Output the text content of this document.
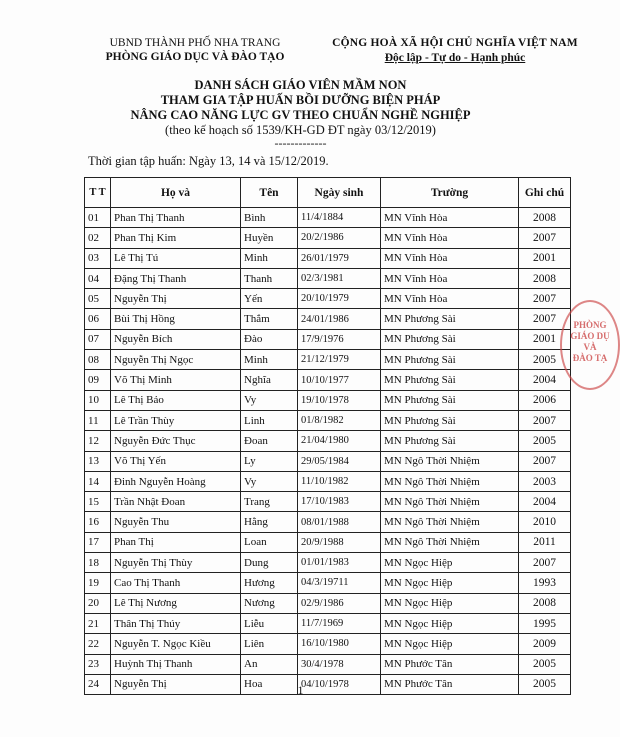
UBND THÀNH PHỐ NHA TRANG
PHÒNG GIÁO DỤC VÀ ĐÀO TẠO
CỘNG HOÀ XÃ HỘI CHỦ NGHĨA VIỆT NAM
Độc lập - Tự do - Hạnh phúc
DANH SÁCH GIÁO VIÊN MẦM NON
THAM GIA TẬP HUẤN BỒI DƯỠNG BIỆN PHÁP
NÂNG CAO NĂNG LỰC GV THEO CHUẨN NGHỀ NGHIỆP
(theo kế hoạch số 1539/KH-GD ĐT ngày 03/12/2019)
-------------
Thời gian tập huấn: Ngày 13, 14 và 15/12/2019.
T T	Họ và	Tên	Ngày sinh	Trường	Ghi chú
01	Phan Thị Thanh	Bình	11/4/1884	MN Vĩnh Hòa	2008
02	Phan Thị Kim	Huyền	20/2/1986	MN Vĩnh Hòa	2007
03	Lê Thị Tú	Minh	26/01/1979	MN Vĩnh Hòa	2001
04	Đặng Thị Thanh	Thanh	02/3/1981	MN Vĩnh Hòa	2008
05	Nguyễn Thị	Yến	20/10/1979	MN Vĩnh Hòa	2007
06	Bùi Thị Hồng	Thắm	24/01/1986	MN Phương Sài	2007
07	Nguyễn Bích	Đào	17/9/1976	MN Phương Sài	2001
08	Nguyễn Thị Ngọc	Minh	21/12/1979	MN Phương Sài	2005
09	Võ Thị Minh	Nghĩa	10/10/1977	MN Phương Sài	2004
10	Lê Thị Bảo	Vy	19/10/1978	MN Phương Sài	2006
11	Lê Trần Thùy	Linh	01/8/1982	MN Phương Sài	2007
12	Nguyễn Đức Thục	Đoan	21/04/1980	MN Phương Sài	2005
13	Võ Thị Yến	Ly	29/05/1984	MN Ngô Thời Nhiệm	2007
14	Đinh Nguyễn Hoàng	Vy	11/10/1982	MN Ngô Thời Nhiệm	2003
15	Trần Nhật Đoan	Trang	17/10/1983	MN Ngô Thời Nhiệm	2004
16	Nguyễn Thu	Hằng	08/01/1988	MN Ngô Thời Nhiệm	2010
17	Phan Thị	Loan	20/9/1988	MN Ngô Thời Nhiệm	2011
18	Nguyễn Thị Thùy	Dung	01/01/1983	MN Ngọc Hiệp	2007
19	Cao Thị Thanh	Hương	04/3/19711	MN Ngọc Hiệp	1993
20	Lê Thị Nương	Nương	02/9/1986	MN Ngọc Hiệp	2008
21	Thân Thị Thúy	Liễu	11/7/1969	MN Ngọc Hiệp	1995
22	Nguyễn T. Ngọc Kiều	Liên	16/10/1980	MN Ngọc Hiệp	2009
23	Huỳnh Thị Thanh	An	30/4/1978	MN Phước Tân	2005
24	Nguyễn Thị	Hoa	04/10/1978	MN Phước Tân	2005
PHÒNG
GIÁO DỤ
VÀ
ĐÀO TẠ
1
